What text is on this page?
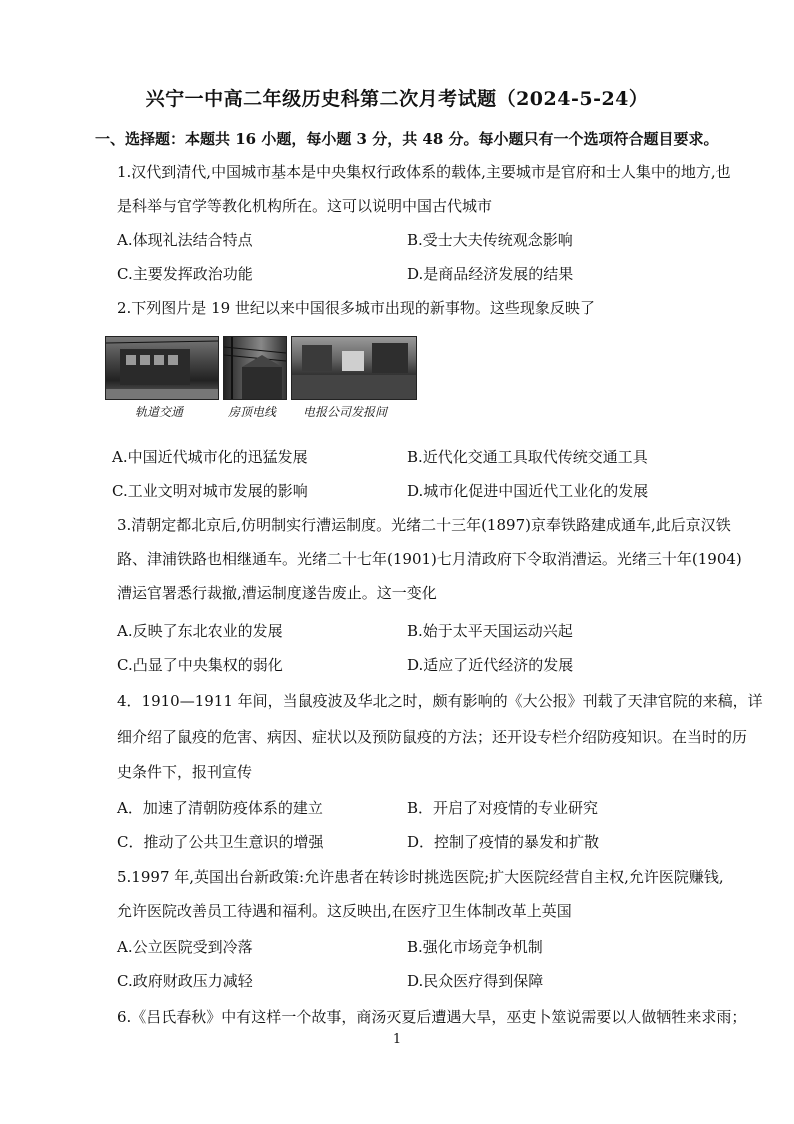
兴宁一中高二年级历史科第二次月考试题（2024-5-24）
一、选择题：本题共 16 小题，每小题 3 分，共 48 分。每小题只有一个选项符合题目要求。
1.汉代到清代,中国城市基本是中央集权行政体系的载体,主要城市是官府和士人集中的地方,也
是科举与官学等教化机构所在。这可以说明中国古代城市
A.体现礼法结合特点	B.受士大夫传统观念影响
C.主要发挥政治功能	D.是商品经济发展的结果
2.下列图片是 19 世纪以来中国很多城市出现的新事物。这些现象反映了
轨道交通	房顶电线 电报公司发报间
A.中国近代城市化的迅猛发展	B.近代化交通工具取代传统交通工具
C.工业文明对城市发展的影响	D.城市化促进中国近代工业化的发展
3.清朝定都北京后,仿明制实行漕运制度。光绪二十三年(1897)京奉铁路建成通车,此后京汉铁
路、津浦铁路也相继通车。光绪二十七年(1901)七月清政府下令取消漕运。光绪三十年(1904)
漕运官署悉行裁撤,漕运制度遂告废止。这一变化
A.反映了东北农业的发展	B.始于太平天国运动兴起
C.凸显了中央集权的弱化	D.适应了近代经济的发展
4．1910—1911 年间，当鼠疫波及华北之时，颇有影响的《大公报》刊载了天津官院的来稿，详
细介绍了鼠疫的危害、病因、症状以及预防鼠疫的方法；还开设专栏介绍防疫知识。在当时的历
史条件下，报刊宣传
A．加速了清朝防疫体系的建立	B．开启了对疫情的专业研究
C．推动了公共卫生意识的增强	D．控制了疫情的暴发和扩散
5.1997 年,英国出台新政策:允许患者在转诊时挑选医院;扩大医院经营自主权,允许医院赚钱,
允许医院改善员工待遇和福利。这反映出,在医疗卫生体制改革上英国
A.公立医院受到冷落	B.强化市场竞争机制
C.政府财政压力减轻	D.民众医疗得到保障
6.《吕氏春秋》中有这样一个故事，商汤灭夏后遭遇大旱，巫吏卜筮说需要以人做牺牲来求雨；
1
